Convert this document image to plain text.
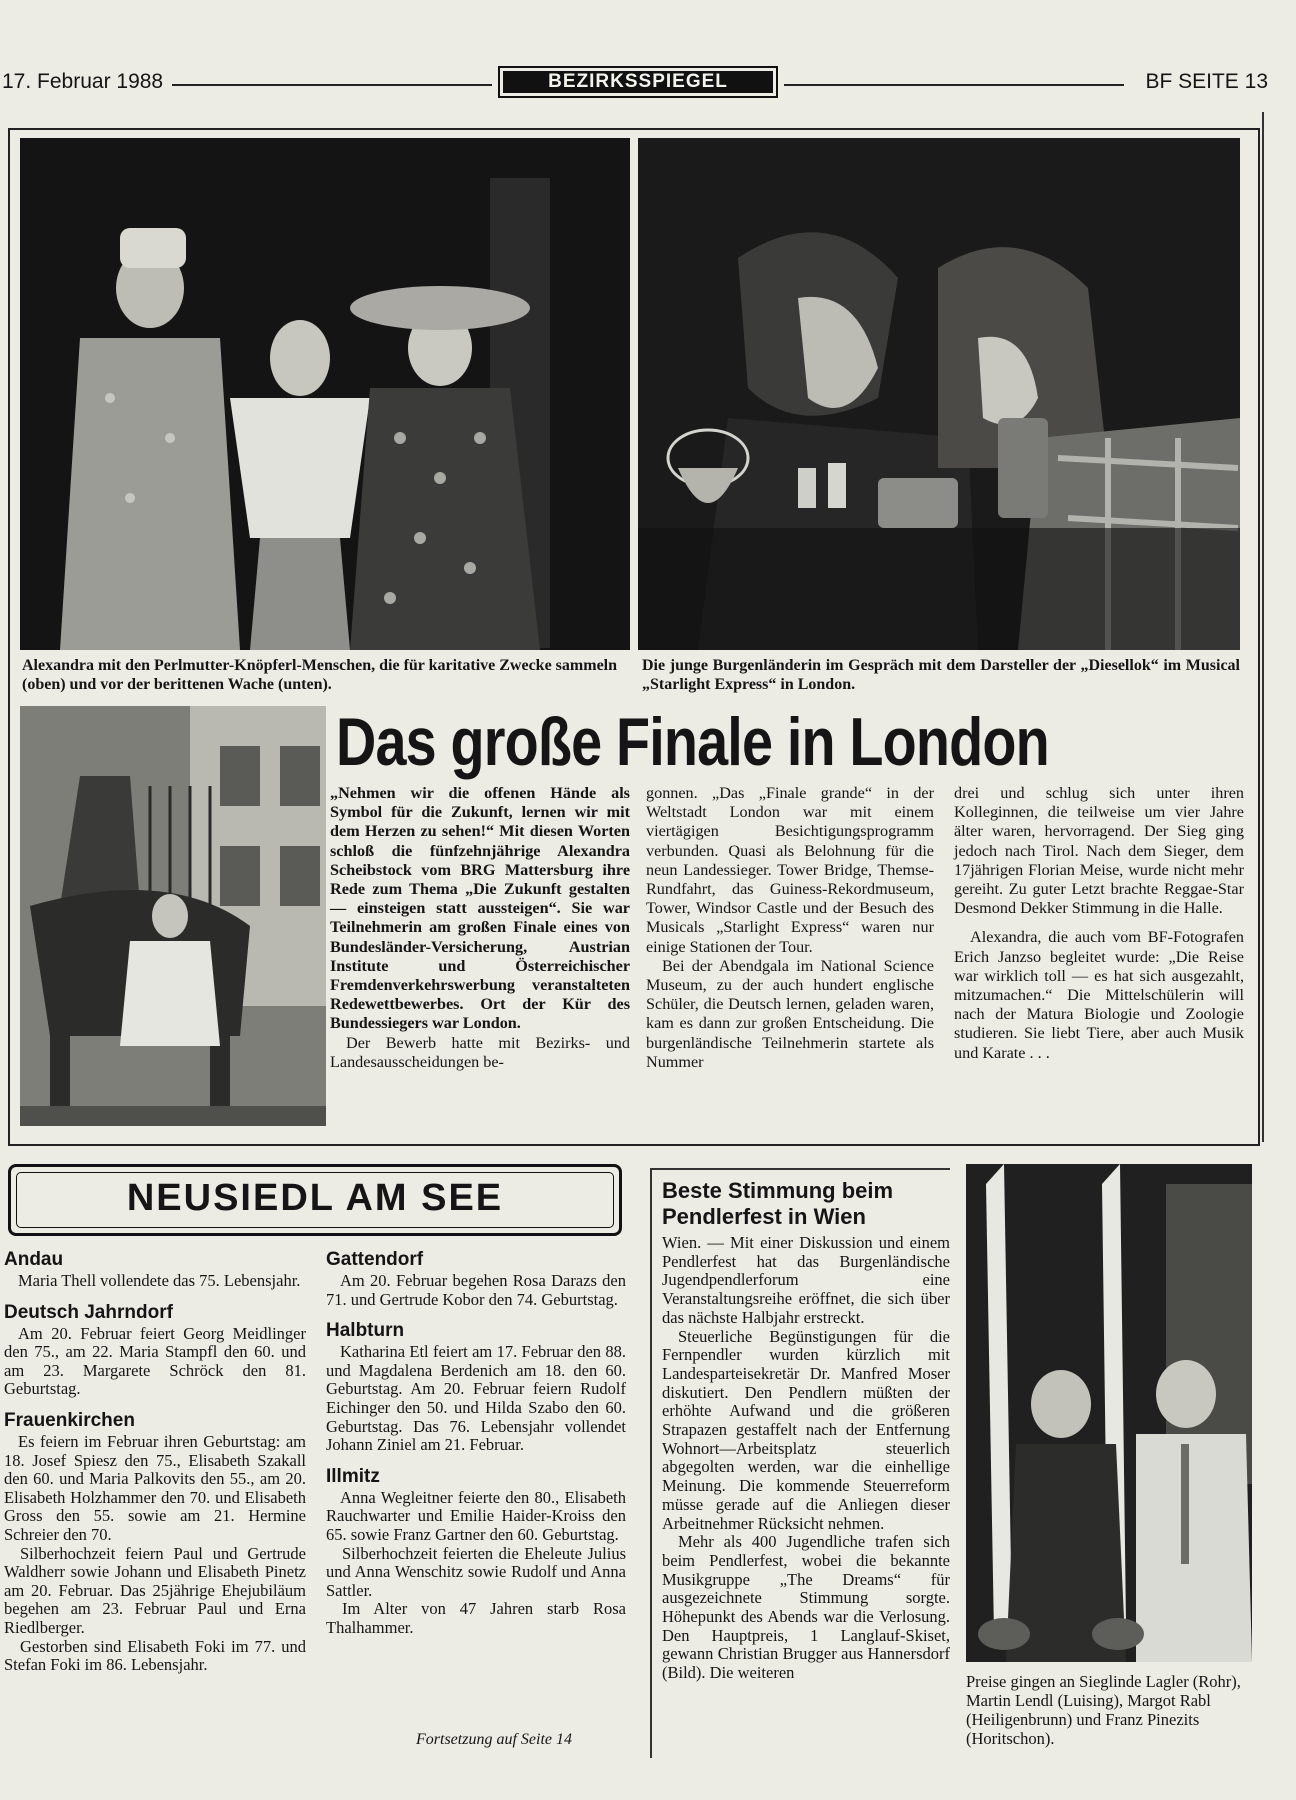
17. Februar 1988	BEZIRKSSPIEGEL	BF SEITE 13
Alexandra mit den Perlmutter-Knöpferl-Menschen, die für karitative Zwecke sammeln (oben) und vor der berittenen Wache (unten).
Die junge Burgenländerin im Gespräch mit dem Darsteller der „Diesellok“ im Musical „Starlight Express“ in London.
Das große Finale in London

„Nehmen wir die offenen Hände als Symbol für die Zukunft, lernen wir mit dem Herzen zu sehen!“ Mit diesen Worten schloß die fünfzehnjährige Alexandra Scheibstock vom BRG Mattersburg ihre Rede zum Thema „Die Zukunft gestalten — einsteigen statt aussteigen“. Sie war Teilnehmerin am großen Finale eines von Bundesländer-Versicherung, Austrian Institute und Österreichischer Fremdenverkehrswerbung veranstalteten Redewettbewerbes. Ort der Kür des Bundessiegers war London.

Der Bewerb hatte mit Bezirks- und Landesausscheidungen be-

gonnen. „Das „Finale grande“ in der Weltstadt London war mit einem viertägigen Besichtigungsprogramm verbunden. Quasi als Belohnung für die neun Landessieger. Tower Bridge, Themse-Rundfahrt, das Guiness-Rekordmuseum, Tower, Windsor Castle und der Besuch des Musicals „Starlight Express“ waren nur einige Stationen der Tour.

Bei der Abendgala im National Science Museum, zu der auch hundert englische Schüler, die Deutsch lernen, geladen waren, kam es dann zur großen Entscheidung. Die burgenländische Teilnehmerin startete als Nummer

drei und schlug sich unter ihren Kolleginnen, die teilweise um vier Jahre älter waren, hervorragend. Der Sieg ging jedoch nach Tirol. Nach dem Sieger, dem 17jährigen Florian Meise, wurde nicht mehr gereiht. Zu guter Letzt brachte Reggae-Star Desmond Dekker Stimmung in die Halle.

Alexandra, die auch vom BF-Fotografen Erich Janzso begleitet wurde: „Die Reise war wirklich toll — es hat sich ausgezahlt, mitzumachen.“ Die Mittelschülerin will nach der Matura Biologie und Zoologie studieren. Sie liebt Tiere, aber auch Musik und Karate . . .

NEUSIEDL AM SEE
Andau

Maria Thell vollendete das 75. Lebensjahr.

Deutsch Jahrndorf

Am 20. Februar feiert Georg Meidlinger den 75., am 22. Maria Stampfl den 60. und am 23. Margarete Schröck den 81. Geburtstag.

Frauenkirchen

Es feiern im Februar ihren Geburtstag: am 18. Josef Spiesz den 75., Elisabeth Szakall den 60. und Maria Palkovits den 55., am 20. Elisabeth Holzhammer den 70. und Elisabeth Gross den 55. sowie am 21. Hermine Schreier den 70.

Silberhochzeit feiern Paul und Gertrude Waldherr sowie Johann und Elisabeth Pinetz am 20. Februar. Das 25jährige Ehejubiläum begehen am 23. Februar Paul und Erna Riedlberger.

Gestorben sind Elisabeth Foki im 77. und Stefan Foki im 86. Lebensjahr.

Gattendorf

Am 20. Februar begehen Rosa Darazs den 71. und Gertrude Kobor den 74. Geburtstag.

Halbturn

Katharina Etl feiert am 17. Februar den 88. und Magdalena Berdenich am 18. den 60. Geburtstag. Am 20. Februar feiern Rudolf Eichinger den 50. und Hilda Szabo den 60. Geburtstag. Das 76. Lebensjahr vollendet Johann Ziniel am 21. Februar.

Illmitz

Anna Wegleitner feierte den 80., Elisabeth Rauchwarter und Emilie Haider-Kroiss den 65. sowie Franz Gartner den 60. Geburtstag.

Silberhochzeit feierten die Eheleute Julius und Anna Wenschitz sowie Rudolf und Anna Sattler.

Im Alter von 47 Jahren starb Rosa Thalhammer.

Fortsetzung auf Seite 14
Beste Stimmung beim Pendlerfest in Wien

Wien. — Mit einer Diskussion und einem Pendlerfest hat das Burgenländische Jugendpendlerforum eine Veranstaltungsreihe eröffnet, die sich über das nächste Halbjahr erstreckt.

Steuerliche Begünstigungen für die Fernpendler wurden kürzlich mit Landesparteisekretär Dr. Manfred Moser diskutiert. Den Pendlern müßten der erhöhte Aufwand und die größeren Strapazen gestaffelt nach der Entfernung Wohnort—Arbeitsplatz steuerlich abgegolten werden, war die einhellige Meinung. Die kommende Steuerreform müsse gerade auf die Anliegen dieser Arbeitnehmer Rücksicht nehmen.

Mehr als 400 Jugendliche trafen sich beim Pendlerfest, wobei die bekannte Musikgruppe „The Dreams“ für ausgezeichnete Stimmung sorgte. Höhepunkt des Abends war die Verlosung. Den Hauptpreis, 1 Langlauf-Skiset, gewann Christian Brugger aus Hannersdorf (Bild). Die weiteren	Preise gingen an Sieglinde Lagler (Rohr), Martin Lendl (Luising), Margot Rabl (Heiligenbrunn) und Franz Pinezits (Horitschon).
